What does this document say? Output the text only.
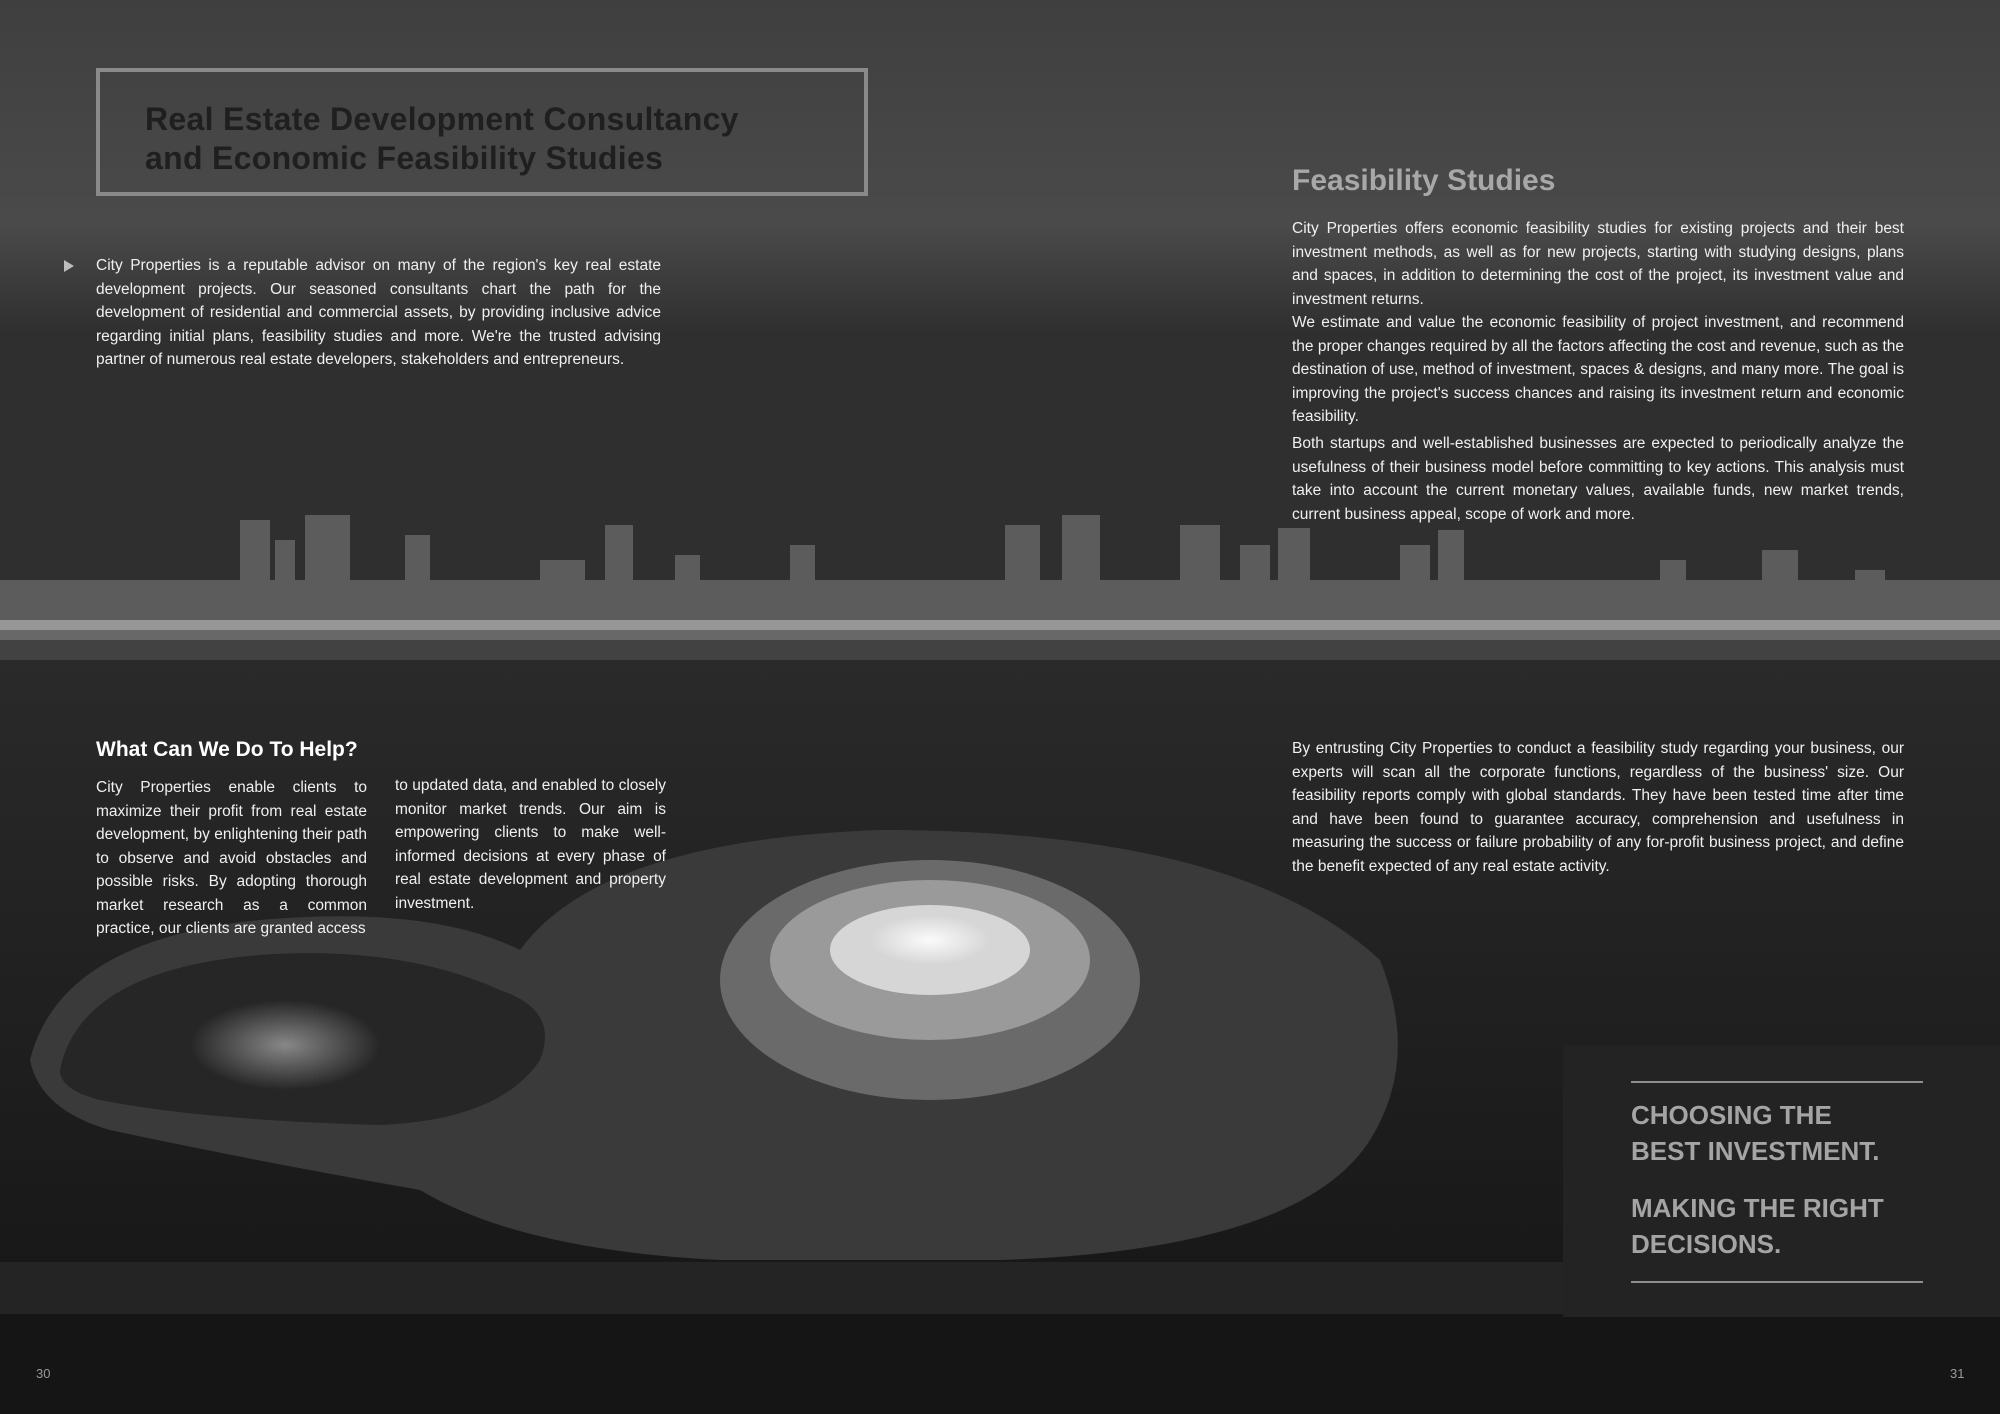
Real Estate Development Consultancy
and Economic Feasibility Studies
City Properties is a reputable advisor on many of the region's key real estate development projects. Our seasoned consultants chart the path for the development of residential and commercial assets, by providing inclusive advice regarding initial plans, feasibility studies and more. We're the trusted advising partner of numerous real estate developers, stakeholders and entrepreneurs.
What Can We Do To Help?
City Properties enable clients to maximize their profit from real estate development, by enlightening their path to observe and avoid obstacles and possible risks. By adopting thorough market research as a common practice, our clients are granted access
to updated data, and enabled to closely monitor market trends. Our aim is empowering clients to make well-informed decisions at every phase of real estate development and property investment.
Feasibility Studies
City Properties offers economic feasibility studies for existing projects and their best investment methods, as well as for new projects, starting with studying designs, plans and spaces, in addition to determining the cost of the project, its investment value and investment returns.
We estimate and value the economic feasibility of project investment, and recommend the proper changes required by all the factors affecting the cost and revenue, such as the destination of use, method of investment, spaces & designs, and many more. The goal is improving the project's success chances and raising its investment return and economic feasibility.
Both startups and well-established businesses are expected to periodically analyze the usefulness of their business model before committing to key actions. This analysis must take into account the current monetary values, available funds, new market trends, current business appeal, scope of work and more.
By entrusting City Properties to conduct a feasibility study regarding your business, our experts will scan all the corporate functions, regardless of the business' size. Our feasibility reports comply with global standards. They have been tested time after time and have been found to guarantee accuracy, comprehension and usefulness in measuring the success or failure probability of any for-profit business project, and define the benefit expected of any real estate activity.
CHOOSING THE
BEST INVESTMENT.
MAKING THE RIGHT
DECISIONS.
30	31
